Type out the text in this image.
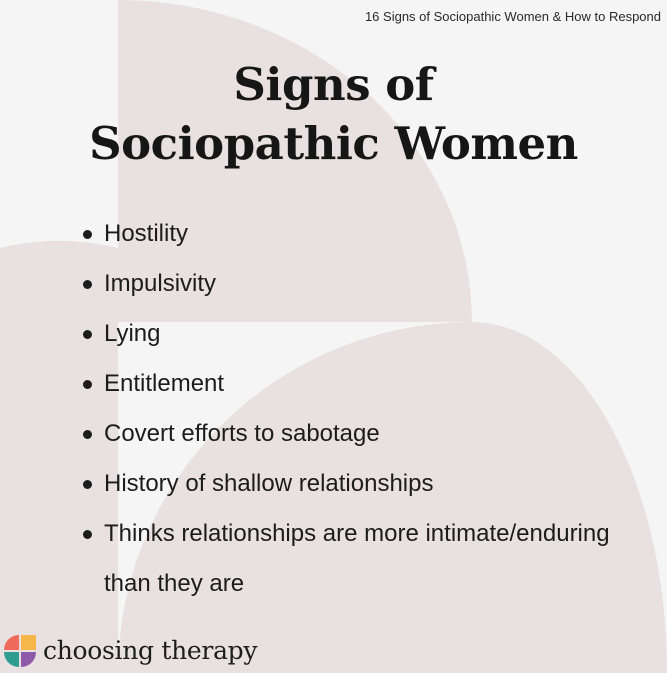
16 Signs of Sociopathic Women & How to Respond
Signs of
Sociopathic Women
Hostility
Impulsivity
Lying
Entitlement
Covert efforts to sabotage
History of shallow relationships
Thinks relationships are more intimate/enduring than they are
choosing therapy
